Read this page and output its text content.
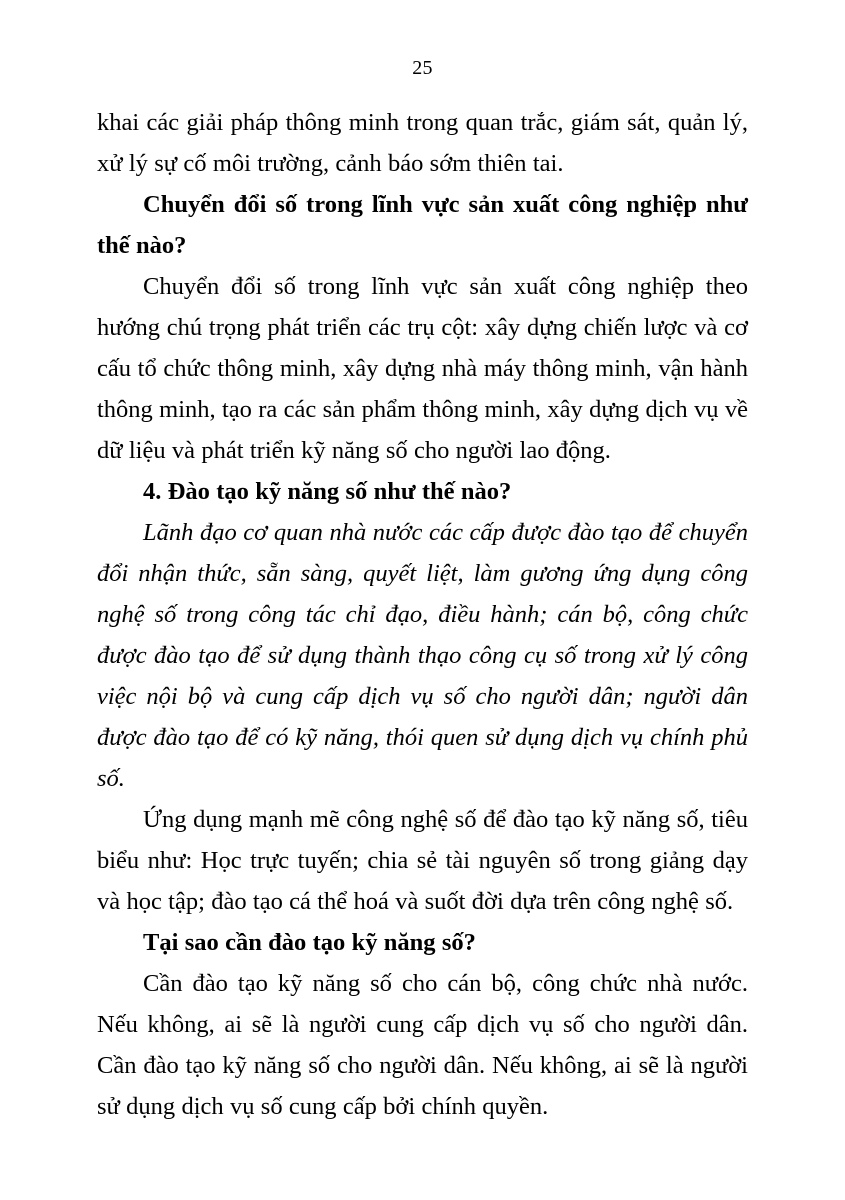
25

khai các giải pháp thông minh trong quan trắc, giám sát, quản lý, xử lý sự cố môi trường, cảnh báo sớm thiên tai.

Chuyển đổi số trong lĩnh vực sản xuất công nghiệp như thế nào?

Chuyển đổi số trong lĩnh vực sản xuất công nghiệp theo hướng chú trọng phát triển các trụ cột: xây dựng chiến lược và cơ cấu tổ chức thông minh, xây dựng nhà máy thông minh, vận hành thông minh, tạo ra các sản phẩm thông minh, xây dựng dịch vụ về dữ liệu và phát triển kỹ năng số cho người lao động.

4. Đào tạo kỹ năng số như thế nào?

Lãnh đạo cơ quan nhà nước các cấp được đào tạo để chuyển đổi nhận thức, sẵn sàng, quyết liệt, làm gương ứng dụng công nghệ số trong công tác chỉ đạo, điều hành; cán bộ, công chức được đào tạo để sử dụng thành thạo công cụ số trong xử lý công việc nội bộ và cung cấp dịch vụ số cho người dân; người dân được đào tạo để có kỹ năng, thói quen sử dụng dịch vụ chính phủ số.

Ứng dụng mạnh mẽ công nghệ số để đào tạo kỹ năng số, tiêu biểu như: Học trực tuyến; chia sẻ tài nguyên số trong giảng dạy và học tập; đào tạo cá thể hoá và suốt đời dựa trên công nghệ số.

Tại sao cần đào tạo kỹ năng số?

Cần đào tạo kỹ năng số cho cán bộ, công chức nhà nước. Nếu không, ai sẽ là người cung cấp dịch vụ số cho người dân. Cần đào tạo kỹ năng số cho người dân. Nếu không, ai sẽ là người sử dụng dịch vụ số cung cấp bởi chính quyền.
